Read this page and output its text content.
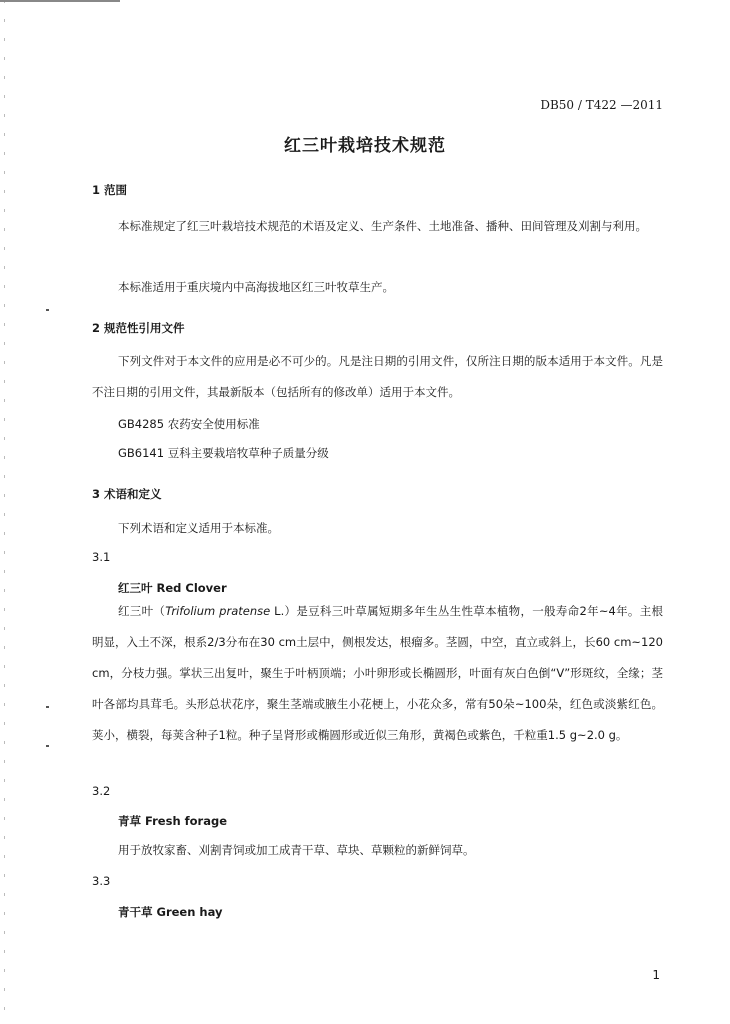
DB50 / T422 —2011
红三叶栽培技术规范
1 范围

本标准规定了红三叶栽培技术规范的术语及定义、生产条件、土地准备、播种、田间管理及刈割与利用。

本标准适用于重庆境内中高海拔地区红三叶牧草生产。

2 规范性引用文件

下列文件对于本文件的应用是必不可少的。凡是注日期的引用文件，仅所注日期的版本适用于本文件。凡是不注日期的引用文件，其最新版本（包括所有的修改单）适用于本文件。

GB4285 农药安全使用标准
GB6141 豆科主要栽培牧草种子质量分级
3 术语和定义
下列术语和定义适用于本标准。
3.1
红三叶 Red Clover

红三叶（Trifolium pratense L.）是豆科三叶草属短期多年生丛生性草本植物，一般寿命2年~4年。主根明显，入土不深，根系2/3分布在30 cm土层中，侧根发达，根瘤多。茎圆，中空，直立或斜上，长60 cm~120 cm，分枝力强。掌状三出复叶，聚生于叶柄顶端；小叶卵形或长椭圆形，叶面有灰白色倒“V”形斑纹，全缘；茎叶各部均具茸毛。头形总状花序，聚生茎端或腋生小花梗上，小花众多，常有50朵~100朵，红色或淡紫红色。荚小，横裂，每荚含种子1粒。种子呈肾形或椭圆形或近似三角形，黄褐色或紫色，千粒重1.5 g~2.0 g。

3.2
青草 Fresh forage
用于放牧家畜、刈割青饲或加工成青干草、草块、草颗粒的新鲜饲草。
3.3
青干草 Green hay
1
